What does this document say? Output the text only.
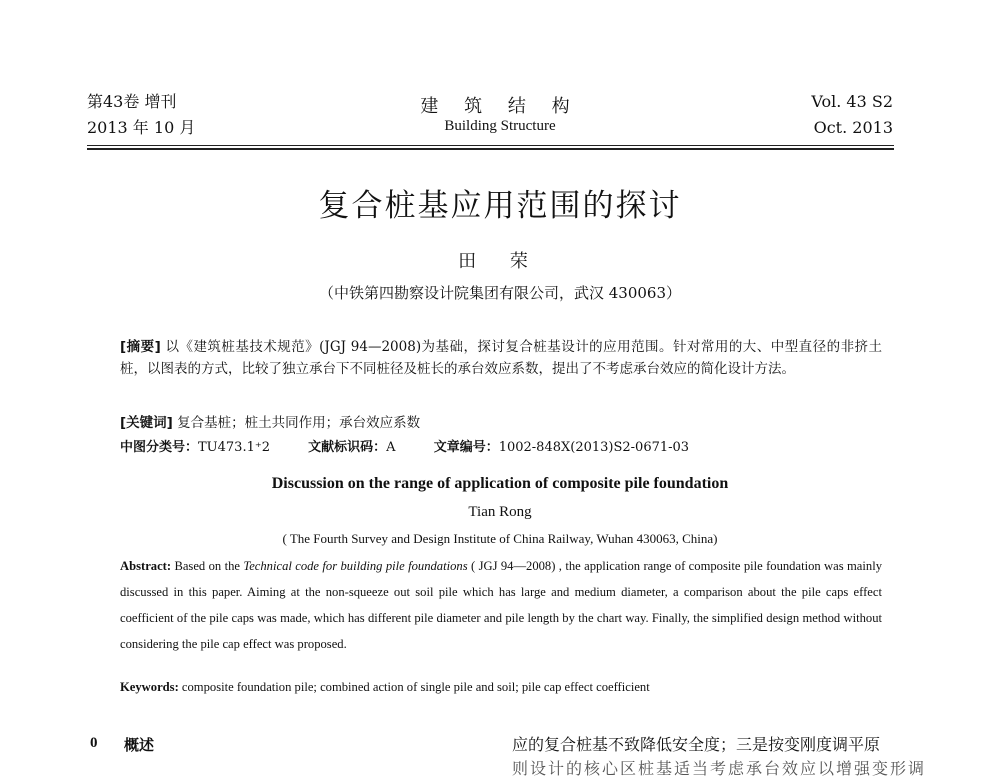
第43卷 增刊
2013 年 10 月
建 筑 结 构
Building Structure
Vol. 43 S2
Oct. 2013
复合桩基应用范围的探讨
田 荣
（中铁第四勘察设计院集团有限公司，武汉 430063）
[摘要] 以《建筑桩基技术规范》(JGJ 94—2008)为基础，探讨复合桩基设计的应用范围。针对常用的大、中型直径的非挤土桩，以图表的方式，比较了独立承台下不同桩径及桩长的承台效应系数，提出了不考虑承台效应的简化设计方法。
[关键词] 复合基桩；桩土共同作用；承台效应系数
中图分类号：TU473.1⁺2	文献标识码：A	文章编号：1002-848X(2013)S2-0671-03
Discussion on the range of application of composite pile foundation
Tian Rong
( The Fourth Survey and Design Institute of China Railway, Wuhan 430063, China)
Abstract: Based on the Technical code for building pile foundations ( JGJ 94—2008) , the application range of composite pile foundation was mainly discussed in this paper. Aiming at the non-squeeze out soil pile which has large and medium diameter, a comparison about the pile caps effect coefficient of the pile caps was made, which has different pile diameter and pile length by the chart way. Finally, the simplified design method without considering the pile cap effect was proposed.
Keywords: composite foundation pile; combined action of single pile and soil; pile cap effect coefficient
0 概述	应的复合桩基不致降低安全度；三是按变刚度调平原
则设计的核心区桩基适当考虑承台效应以增强变形调
